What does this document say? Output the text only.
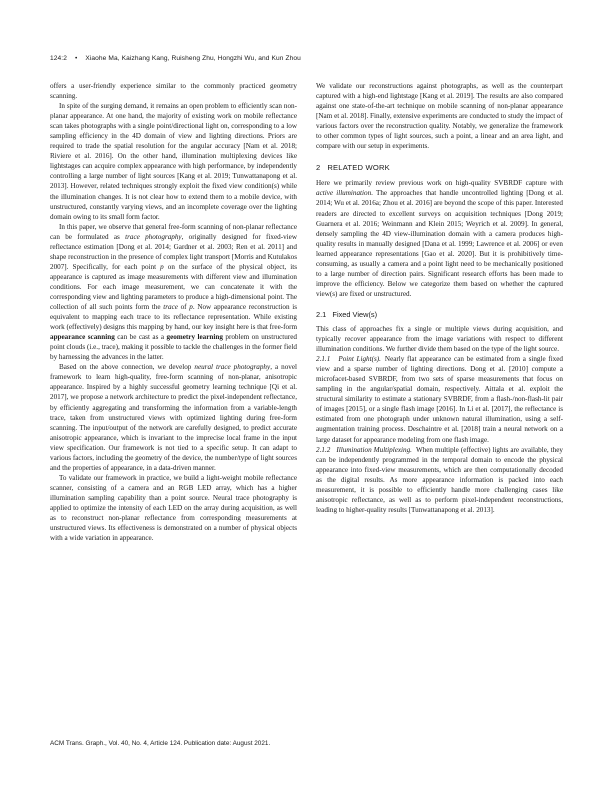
124:2 • Xiaohe Ma, Kaizhang Kang, Ruisheng Zhu, Hongzhi Wu, and Kun Zhou

offers a user-friendly experience similar to the commonly practiced geometry scanning.

In spite of the surging demand, it remains an open problem to efficiently scan non-planar appearance. At one hand, the majority of existing work on mobile reflectance scan takes photographs with a single point/directional light on, corresponding to a low sampling efficiency in the 4D domain of view and lighting directions. Priors are required to trade the spatial resolution for the angular accuracy [Nam et al. 2018; Riviere et al. 2016]. On the other hand, illumination multiplexing devices like lightstages can acquire complex appearance with high performance, by independently controlling a large number of light sources [Kang et al. 2019; Tunwattanapong et al. 2013]. However, related techniques strongly exploit the fixed view condition(s) while the illumination changes. It is not clear how to extend them to a mobile device, with unstructured, constantly varying views, and an incomplete coverage over the lighting domain owing to its small form factor.

In this paper, we observe that general free-form scanning of non-planar reflectance can be formulated as trace photography, originally designed for fixed-view reflectance estimation [Dong et al. 2014; Gardner et al. 2003; Ren et al. 2011] and shape reconstruction in the presence of complex light transport [Morris and Kutulakos 2007]. Specifically, for each point p on the surface of the physical object, its appearance is captured as image measurements with different view and illumination conditions. For each image measurement, we can concatenate it with the corresponding view and lighting parameters to produce a high-dimensional point. The collection of all such points form the trace of p. Now appearance reconstruction is equivalent to mapping each trace to its reflectance representation. While existing work (effectively) designs this mapping by hand, our key insight here is that free-form appearance scanning can be cast as a geometry learning problem on unstructured point clouds (i.e., trace), making it possible to tackle the challenges in the former field by harnessing the advances in the latter.

Based on the above connection, we develop neural trace photography, a novel framework to learn high-quality, free-form scanning of non-planar, anisotropic appearance. Inspired by a highly successful geometry learning technique [Qi et al. 2017], we propose a network architecture to predict the pixel-independent reflectance, by efficiently aggregating and transforming the information from a variable-length trace, taken from unstructured views with optimized lighting during free-form scanning. The input/output of the network are carefully designed, to predict accurate anisotropic appearance, which is invariant to the imprecise local frame in the input view specification. Our framework is not tied to a specific setup. It can adapt to various factors, including the geometry of the device, the number/type of light sources and the properties of appearance, in a data-driven manner.

To validate our framework in practice, we build a light-weight mobile reflectance scanner, consisting of a camera and an RGB LED array, which has a higher illumination sampling capability than a point source. Neural trace photography is applied to optimize the intensity of each LED on the array during acquisition, as well as to reconstruct non-planar reflectance from corresponding measurements at unstructured views. Its effectiveness is demonstrated on a number of physical objects with a wide variation in appearance.

We validate our reconstructions against photographs, as well as the counterpart captured with a high-end lightstage [Kang et al. 2019]. The results are also compared against one state-of-the-art technique on mobile scanning of non-planar appearance [Nam et al. 2018]. Finally, extensive experiments are conducted to study the impact of various factors over the reconstruction quality. Notably, we generalize the framework to other common types of light sources, such a point, a linear and an area light, and compare with our setup in experiments.

2   RELATED WORK

Here we primarily review previous work on high-quality SVBRDF capture with active illumination. The approaches that handle uncontrolled lighting [Dong et al. 2014; Wu et al. 2016a; Zhou et al. 2016] are beyond the scope of this paper. Interested readers are directed to excellent surveys on acquisition techniques [Dong 2019; Guarnera et al. 2016; Weinmann and Klein 2015; Weyrich et al. 2009]. In general, densely sampling the 4D view-illumination domain with a camera produces high-quality results in manually designed [Dana et al. 1999; Lawrence et al. 2006] or even learned appearance representations [Gao et al. 2020]. But it is prohibitively time-consuming, as usually a camera and a point light need to be mechanically positioned to a large number of direction pairs. Significant research efforts has been made to improve the efficiency. Below we categorize them based on whether the captured view(s) are fixed or unstructured.

2.1   Fixed View(s)

This class of approaches fix a single or multiple views during acquisition, and typically recover appearance from the image variations with respect to different illumination conditions. We further divide them based on the type of the light source.

2.1.1   Point Light(s). Nearly flat appearance can be estimated from a single fixed view and a sparse number of lighting directions. Dong et al. [2010] compute a microfacet-based SVBRDF, from two sets of sparse measurements that focus on sampling in the angular/spatial domain, respectively. Aittala et al. exploit the structural similarity to estimate a stationary SVBRDF, from a flash-/non-flash-lit pair of images [2015], or a single flash image [2016]. In Li et al. [2017], the reflectance is estimated from one photograph under unknown natural illumination, using a self-augmentation training process. Deschaintre et al. [2018] train a neural network on a large dataset for appearance modeling from one flash image.

2.1.2   Illumination Multiplexing. When multiple (effective) lights are available, they can be independently programmed in the temporal domain to encode the physical appearance into fixed-view measurements, which are then computationally decoded as the digital results. As more appearance information is packed into each measurement, it is possible to efficiently handle more challenging cases like anisotropic reflectance, as well as to perform pixel-independent reconstructions, leading to higher-quality results [Tunwattanapong et al. 2013].

ACM Trans. Graph., Vol. 40, No. 4, Article 124. Publication date: August 2021.
